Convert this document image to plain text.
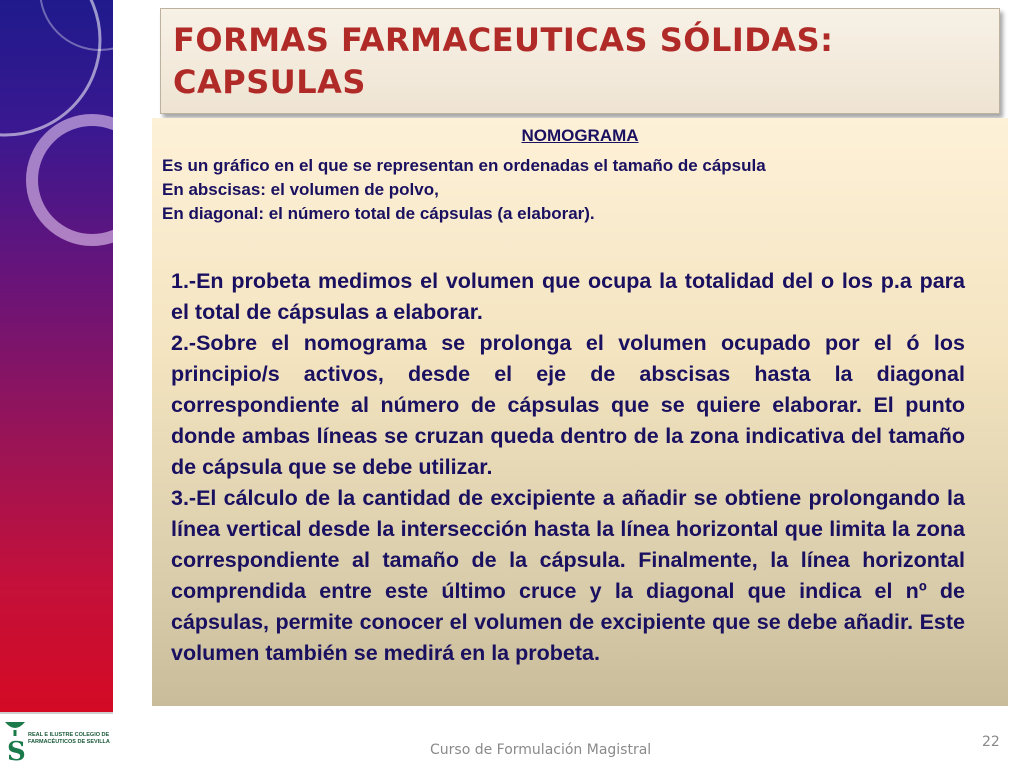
S
REAL E ILUSTRE COLEGIO DE FARMACÉUTICOS DE SEVILLA
FORMAS FARMACEUTICAS SÓLIDAS: CAPSULAS
NOMOGRAMA
Es un gráfico en el que se representan en ordenadas el tamaño de cápsula
En abscisas: el volumen de polvo,
En diagonal: el número total de cápsulas (a elaborar).

1.-En probeta medimos el volumen que ocupa la totalidad del o los p.a para el total de cápsulas a elaborar.

2.-Sobre el nomograma se prolonga el volumen ocupado por el ó los principio/s activos, desde el eje de abscisas hasta la diagonal correspondiente al número de cápsulas que se quiere elaborar. El punto donde ambas líneas se cruzan queda dentro de la zona indicativa del tamaño de cápsula que se debe utilizar.

3.-El cálculo de la cantidad de excipiente a añadir se obtiene prolongando la línea vertical desde la intersección hasta la línea horizontal que limita la zona correspondiente al tamaño de la cápsula. Finalmente, la línea horizontal comprendida entre este último cruce y la diagonal que indica el nº de cápsulas, permite conocer el volumen de excipiente que se debe añadir. Este volumen también se medirá en la probeta.

Curso de Formulación Magistral	22
